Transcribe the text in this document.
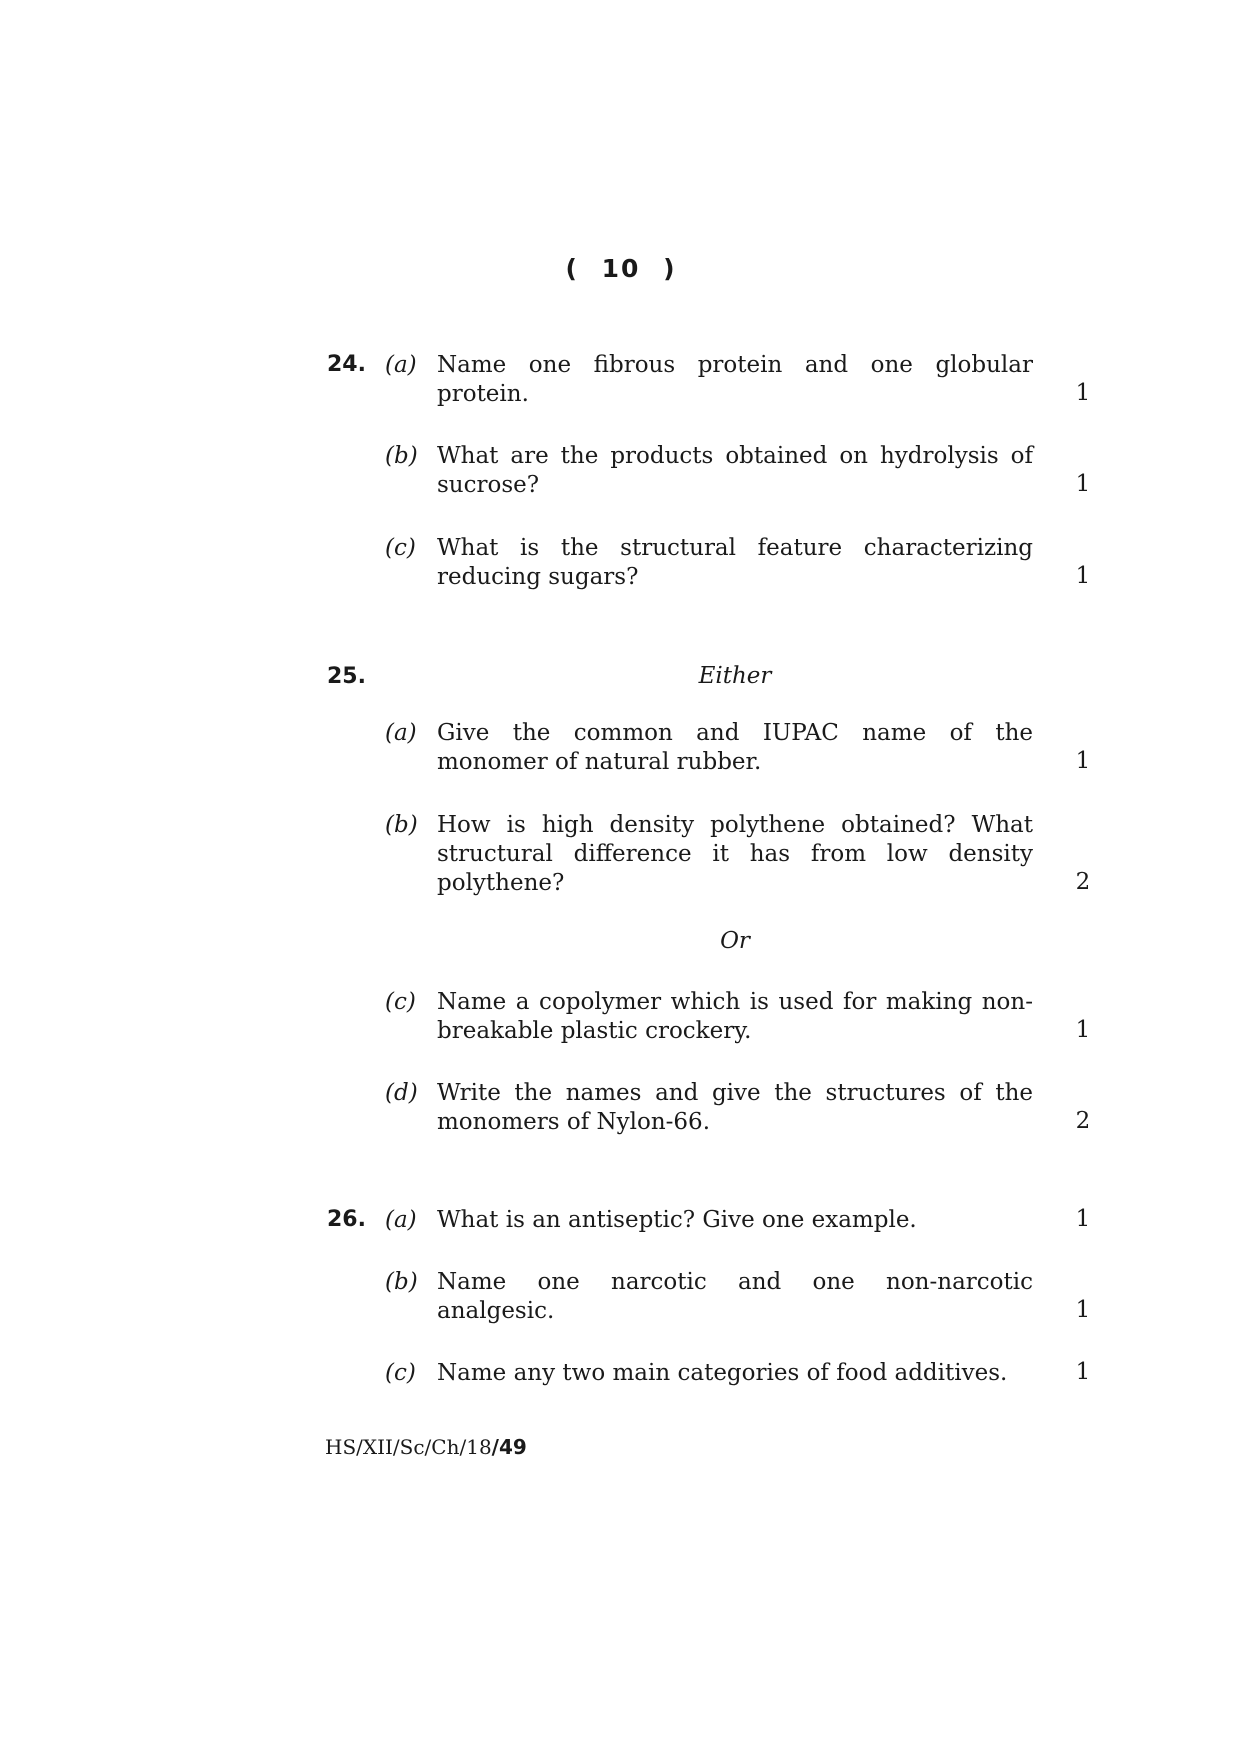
( 10 )
24. (a) Name one fibrous protein and one globular protein.	1
(b) What are the products obtained on hydrolysis of sucrose?	1
(c) What is the structural feature characterizing reducing sugars?	1
25.	Either
(a) Give the common and IUPAC name of the monomer of natural rubber.	1
(b) How is high density polythene obtained? What structural difference it has from low density polythene?	2
Or
(c) Name a copolymer which is used for making non-breakable plastic crockery.	1
(d) Write the names and give the structures of the monomers of Nylon-66.	2
26. (a) What is an antiseptic? Give one example.	1
(b) Name one narcotic and one non-narcotic analgesic.	1
(c) Name any two main categories of food additives.	1
HS/XII/Sc/Ch/18/49
